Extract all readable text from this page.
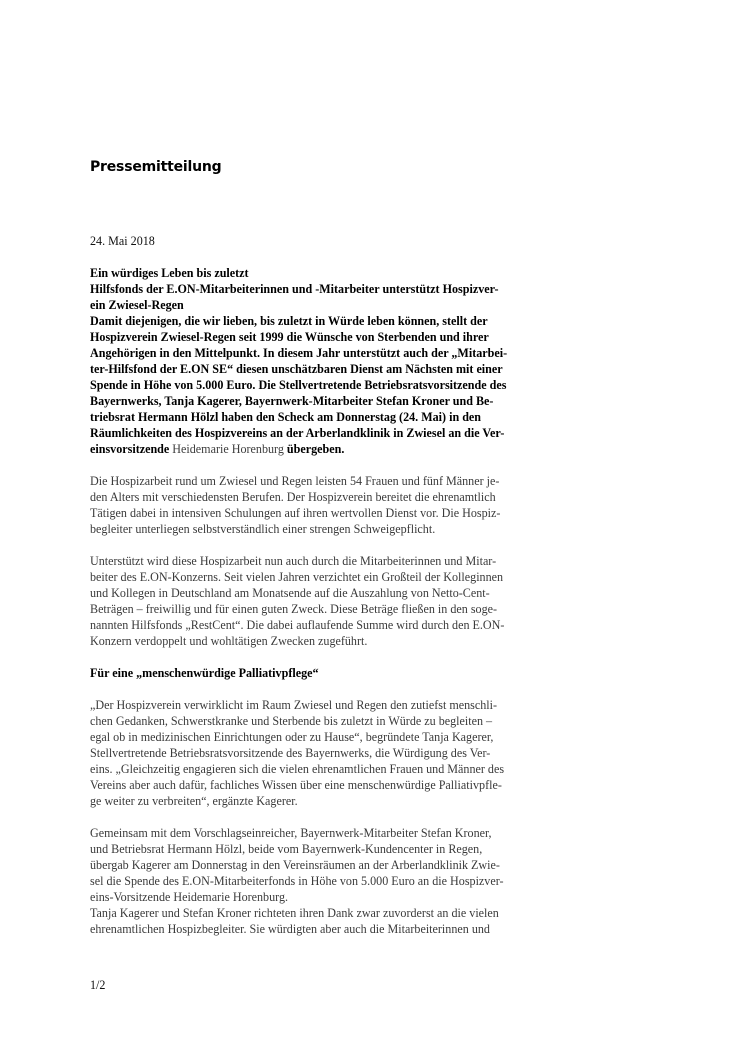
Pressemitteilung
24. Mai 2018
Ein würdiges Leben bis zuletzt
Hilfsfonds der E.ON-Mitarbeiterinnen und -Mitarbeiter unterstützt Hospizver-
ein Zwiesel-Regen
Damit diejenigen, die wir lieben, bis zuletzt in Würde leben können, stellt der
Hospizverein Zwiesel-Regen seit 1999 die Wünsche von Sterbenden und ihrer
Angehörigen in den Mittelpunkt. In diesem Jahr unterstützt auch der „Mitarbei-
ter-Hilfsfond der E.ON SE“ diesen unschätzbaren Dienst am Nächsten mit einer
Spende in Höhe von 5.000 Euro. Die Stellvertretende Betriebsratsvorsitzende des
Bayernwerks, Tanja Kagerer, Bayernwerk-Mitarbeiter Stefan Kroner und Be-
triebsrat Hermann Hölzl haben den Scheck am Donnerstag (24. Mai) in den
Räumlichkeiten des Hospizvereins an der Arberlandklinik in Zwiesel an die Ver-
einsvorsitzende Heidemarie Horenburg übergeben.

Die Hospizarbeit rund um Zwiesel und Regen leisten 54 Frauen und fünf Männer je-
den Alters mit verschiedensten Berufen. Der Hospizverein bereitet die ehrenamtlich
Tätigen dabei in intensiven Schulungen auf ihren wertvollen Dienst vor. Die Hospiz-
begleiter unterliegen selbstverständlich einer strengen Schweigepflicht.

Unterstützt wird diese Hospizarbeit nun auch durch die Mitarbeiterinnen und Mitar-
beiter des E.ON-Konzerns. Seit vielen Jahren verzichtet ein Großteil der Kolleginnen
und Kollegen in Deutschland am Monatsende auf die Auszahlung von Netto-Cent-
Beträgen – freiwillig und für einen guten Zweck. Diese Beträge fließen in den soge-
nannten Hilfsfonds „RestCent“. Die dabei auflaufende Summe wird durch den E.ON-
Konzern verdoppelt und wohltätigen Zwecken zugeführt.

Für eine „menschenwürdige Palliativpflege“

„Der Hospizverein verwirklicht im Raum Zwiesel und Regen den zutiefst menschli-
chen Gedanken, Schwerstkranke und Sterbende bis zuletzt in Würde zu begleiten –
egal ob in medizinischen Einrichtungen oder zu Hause“, begründete Tanja Kagerer,
Stellvertretende Betriebsratsvorsitzende des Bayernwerks, die Würdigung des Ver-
eins. „Gleichzeitig engagieren sich die vielen ehrenamtlichen Frauen und Männer des
Vereins aber auch dafür, fachliches Wissen über eine menschenwürdige Palliativpfle-
ge weiter zu verbreiten“, ergänzte Kagerer.

Gemeinsam mit dem Vorschlagseinreicher, Bayernwerk-Mitarbeiter Stefan Kroner,
und Betriebsrat Hermann Hölzl, beide vom Bayernwerk-Kundencenter in Regen,
übergab Kagerer am Donnerstag in den Vereinsräumen an der Arberlandklinik Zwie-
sel die Spende des E.ON-Mitarbeiterfonds in Höhe von 5.000 Euro an die Hospizver-
eins-Vorsitzende Heidemarie Horenburg.
Tanja Kagerer und Stefan Kroner richteten ihren Dank zwar zuvorderst an die vielen
ehrenamtlichen Hospizbegleiter. Sie würdigten aber auch die Mitarbeiterinnen und
1/2
